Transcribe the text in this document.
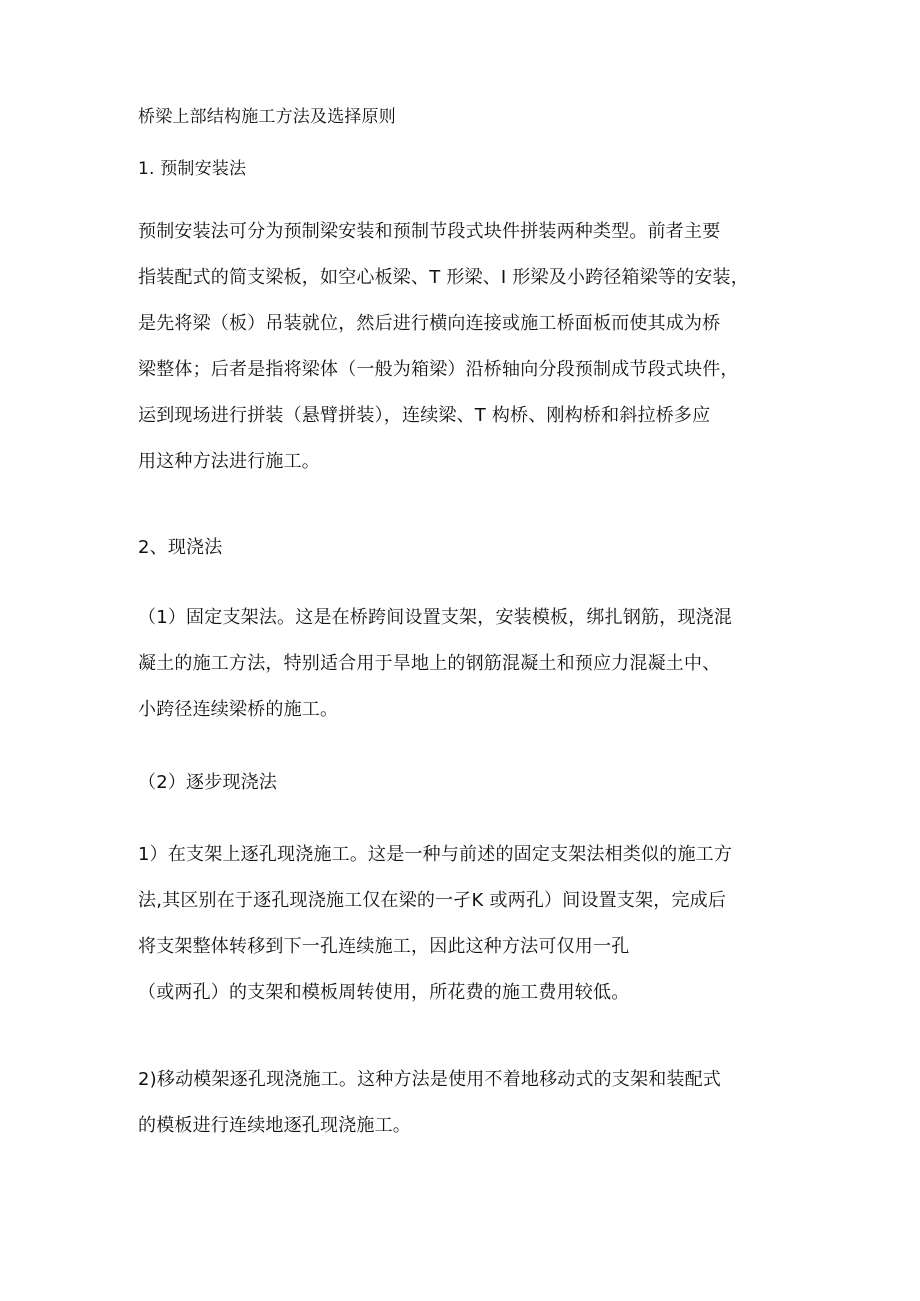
桥梁上部结构施工方法及选择原则
1. 预制安装法
预制安装法可分为预制梁安装和预制节段式块件拼装两种类型。前者主要
指装配式的简支梁板，如空心板梁、T 形梁、I 形梁及小跨径箱梁等的安装，
是先将梁（板）吊装就位，然后进行横向连接或施工桥面板而使其成为桥
梁整体；后者是指将梁体（一般为箱梁）沿桥轴向分段预制成节段式块件，
运到现场进行拼装（悬臂拼装），连续梁、T 构桥、刚构桥和斜拉桥多应
用这种方法进行施工。
2、现浇法
（1）固定支架法。这是在桥跨间设置支架，安装模板，绑扎钢筋，现浇混
凝土的施工方法，特别适合用于旱地上的钢筋混凝土和预应力混凝土中、
小跨径连续梁桥的施工。
（2）逐步现浇法
1）在支架上逐孔现浇施工。这是一种与前述的固定支架法相类似的施工方
法,其区别在于逐孔现浇施工仅在梁的一孑K 或两孔）间设置支架，完成后
将支架整体转移到下一孔连续施工，因此这种方法可仅用一孔
（或两孔）的支架和模板周转使用，所花费的施工费用较低。
2)移动模架逐孔现浇施工。这种方法是使用不着地移动式的支架和装配式
的模板进行连续地逐孔现浇施工。
